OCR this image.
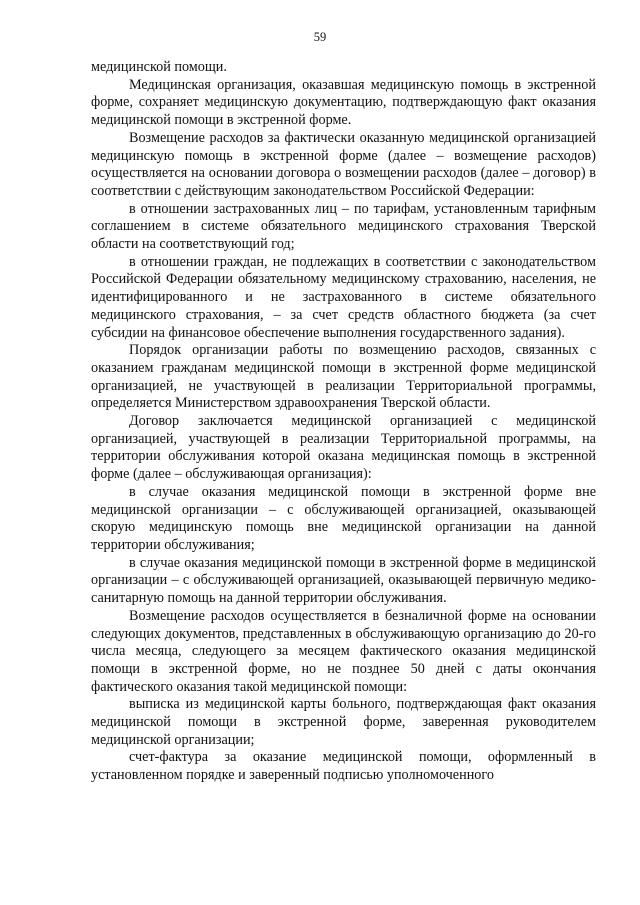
59

медицинской помощи.

Медицинская организация, оказавшая медицинскую помощь в экстренной форме, сохраняет медицинскую документацию, подтверждающую факт оказания медицинской помощи в экстренной форме.

Возмещение расходов за фактически оказанную медицинской организацией медицинскую помощь в экстренной форме (далее – возмещение расходов) осуществляется на основании договора о возмещении расходов (далее – договор) в соответствии с действующим законодательством Российской Федерации:

в отношении застрахованных лиц – по тарифам, установленным тарифным соглашением в системе обязательного медицинского страхования Тверской области на соответствующий год;

в отношении граждан, не подлежащих в соответствии с законодательством Российской Федерации обязательному медицинскому страхованию, населения, не идентифицированного и не застрахованного в системе обязательного медицинского страхования, – за счет средств областного бюджета (за счет субсидии на финансовое обеспечение выполнения государственного задания).

Порядок организации работы по возмещению расходов, связанных с оказанием гражданам медицинской помощи в экстренной форме медицинской организацией, не участвующей в реализации Территориальной программы, определяется Министерством здравоохранения Тверской области.

Договор заключается медицинской организацией с медицинской организацией, участвующей в реализации Территориальной программы, на территории обслуживания которой оказана медицинская помощь в экстренной форме (далее – обслуживающая организация):

в случае оказания медицинской помощи в экстренной форме вне медицинской организации – с обслуживающей организацией, оказывающей скорую медицинскую помощь вне медицинской организации на данной территории обслуживания;

в случае оказания медицинской помощи в экстренной форме в медицинской организации – с обслуживающей организацией, оказывающей первичную медико-санитарную помощь на данной территории обслуживания.

Возмещение расходов осуществляется в безналичной форме на основании следующих документов, представленных в обслуживающую организацию до 20-го числа месяца, следующего за месяцем фактического оказания медицинской помощи в экстренной форме, но не позднее 50 дней с даты окончания фактического оказания такой медицинской помощи:

выписка из медицинской карты больного, подтверждающая факт оказания медицинской помощи в экстренной форме, заверенная руководителем медицинской организации;

счет-фактура за оказание медицинской помощи, оформленный в установленном порядке и заверенный подписью уполномоченного
